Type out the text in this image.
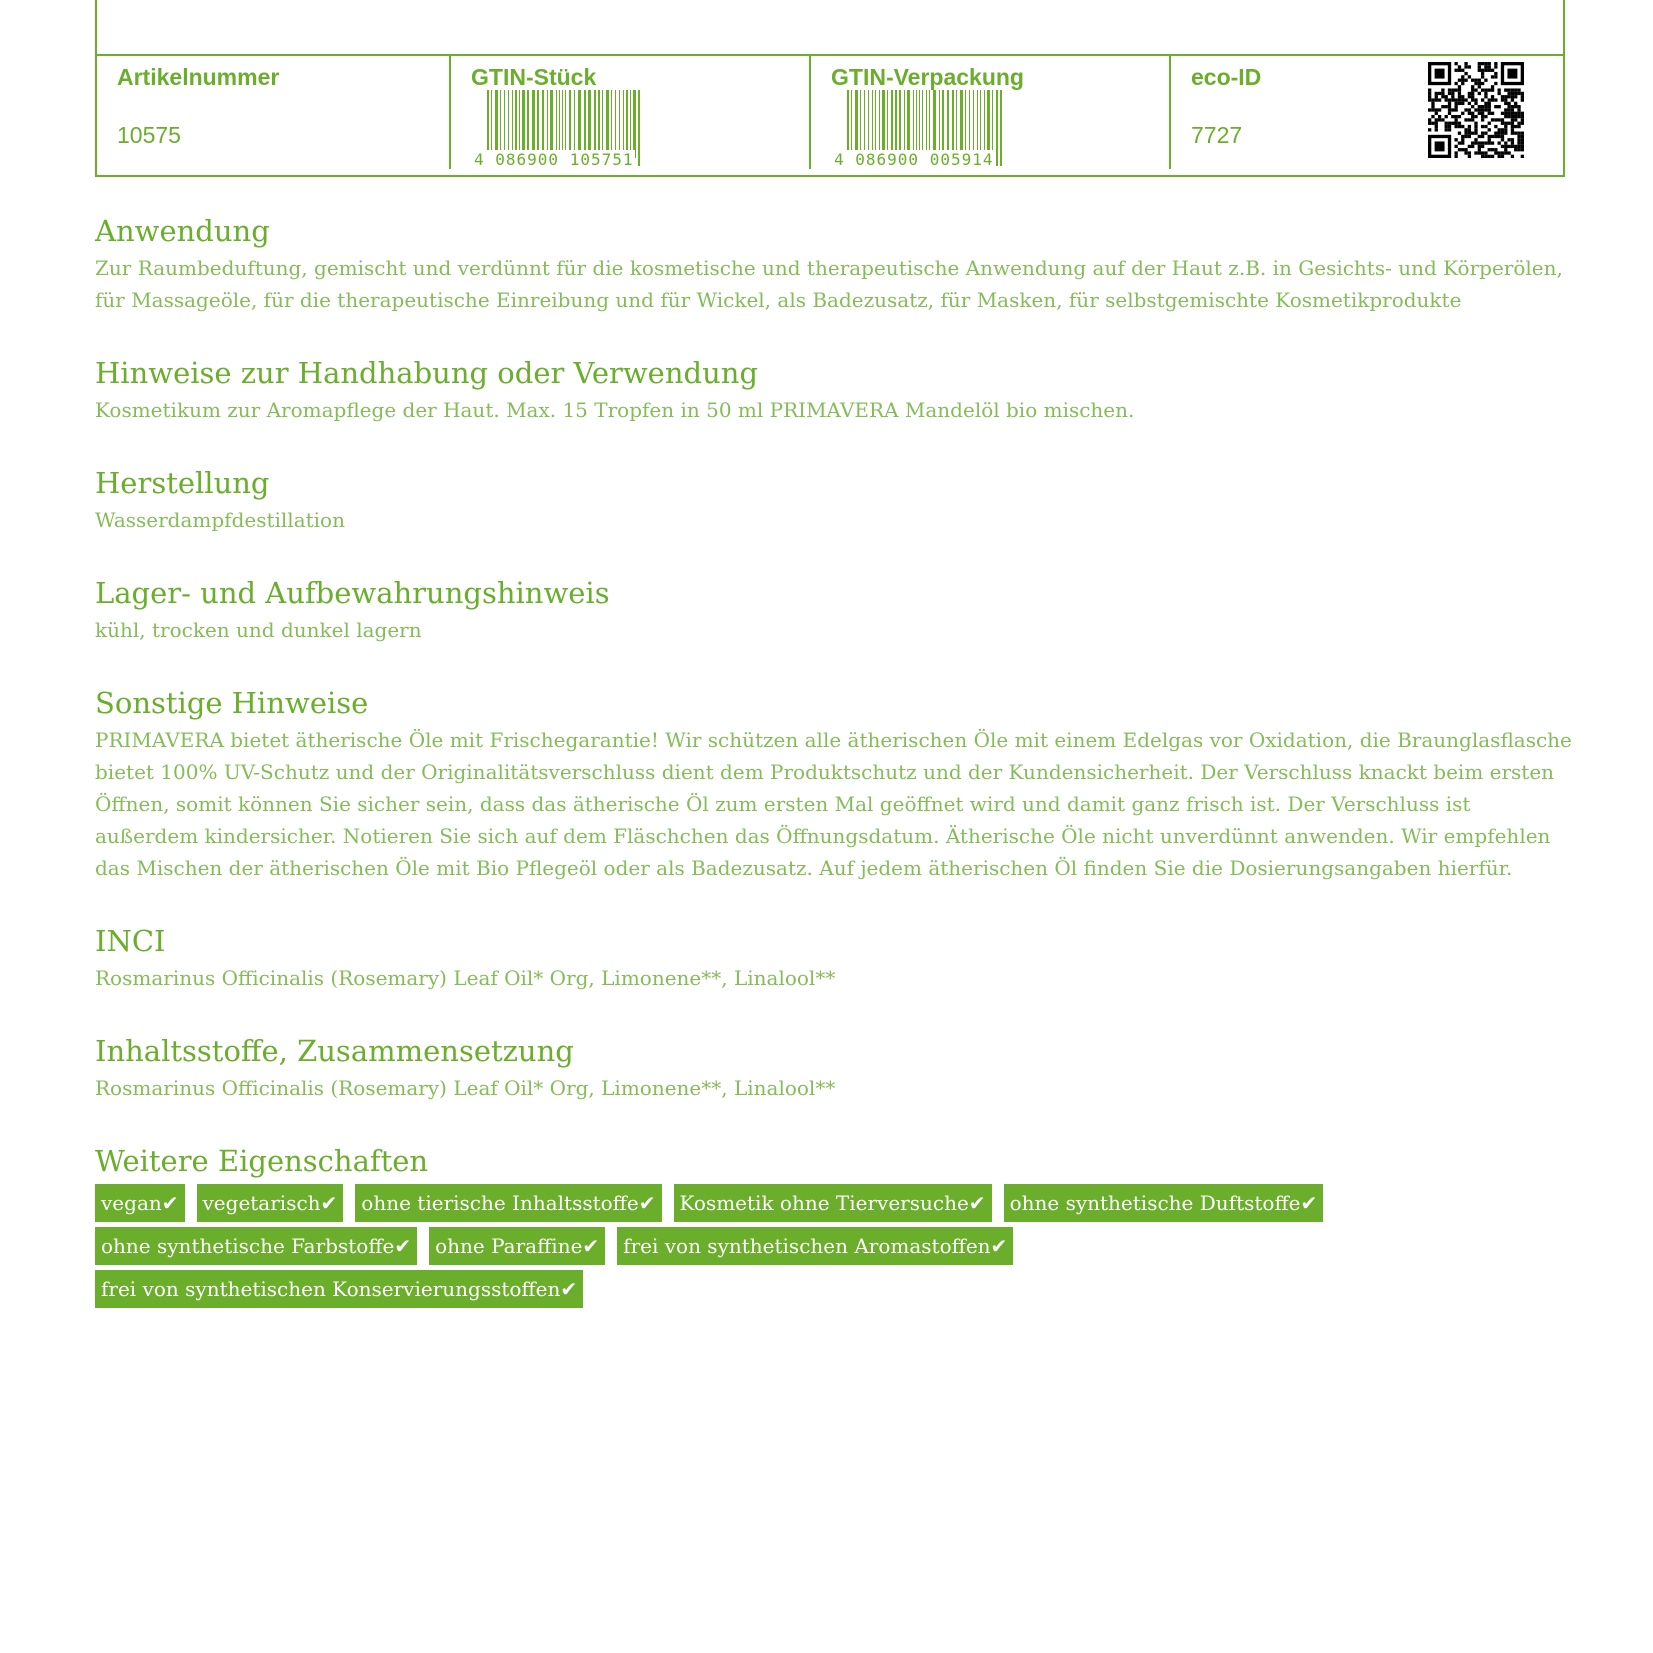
Artikelnummer
10575
GTIN-Stück
4 086900 105751
GTIN-Verpackung
4 086900 005914
eco-ID
7727
Anwendung

Zur Raumbeduftung, gemischt und verdünnt für die kosmetische und therapeutische Anwendung auf der Haut z.B. in Gesichts- und Körperölen, für Massageöle, für die therapeutische Einreibung und für Wickel, als Badezusatz, für Masken, für selbstgemischte Kosmetikprodukte

Hinweise zur Handhabung oder Verwendung

Kosmetikum zur Aromapflege der Haut. Max. 15 Tropfen in 50 ml PRIMAVERA Mandelöl bio mischen.

Herstellung

Wasserdampfdestillation

Lager- und Aufbewahrungshinweis

kühl, trocken und dunkel lagern

Sonstige Hinweise

PRIMAVERA bietet ätherische Öle mit Frischegarantie! Wir schützen alle ätherischen Öle mit einem Edelgas vor Oxidation, die Braunglasflasche bietet 100% UV-Schutz und der Originalitätsverschluss dient dem Produktschutz und der Kundensicherheit. Der Verschluss knackt beim ersten Öffnen, somit können Sie sicher sein, dass das ätherische Öl zum ersten Mal geöffnet wird und damit ganz frisch ist. Der Verschluss ist außerdem kindersicher. Notieren Sie sich auf dem Fläschchen das Öffnungsdatum. Ätherische Öle nicht unverdünnt anwenden. Wir empfehlen das Mischen der ätherischen Öle mit Bio Pflegeöl oder als Badezusatz. Auf jedem ätherischen Öl finden Sie die Dosierungsangaben hierfür.

INCI

Rosmarinus Officinalis (Rosemary) Leaf Oil* Org, Limonene**, Linalool**

Inhaltsstoffe, Zusammensetzung

Rosmarinus Officinalis (Rosemary) Leaf Oil* Org, Limonene**, Linalool**

Weitere Eigenschaften
vegan✔ vegetarisch✔ ohne tierische Inhaltsstoffe✔ Kosmetik ohne Tierversuche✔ ohne synthetische Duftstoffe✔
ohne synthetische Farbstoffe✔ ohne Paraffine✔ frei von synthetischen Aromastoffen✔
frei von synthetischen Konservierungsstoffen✔
